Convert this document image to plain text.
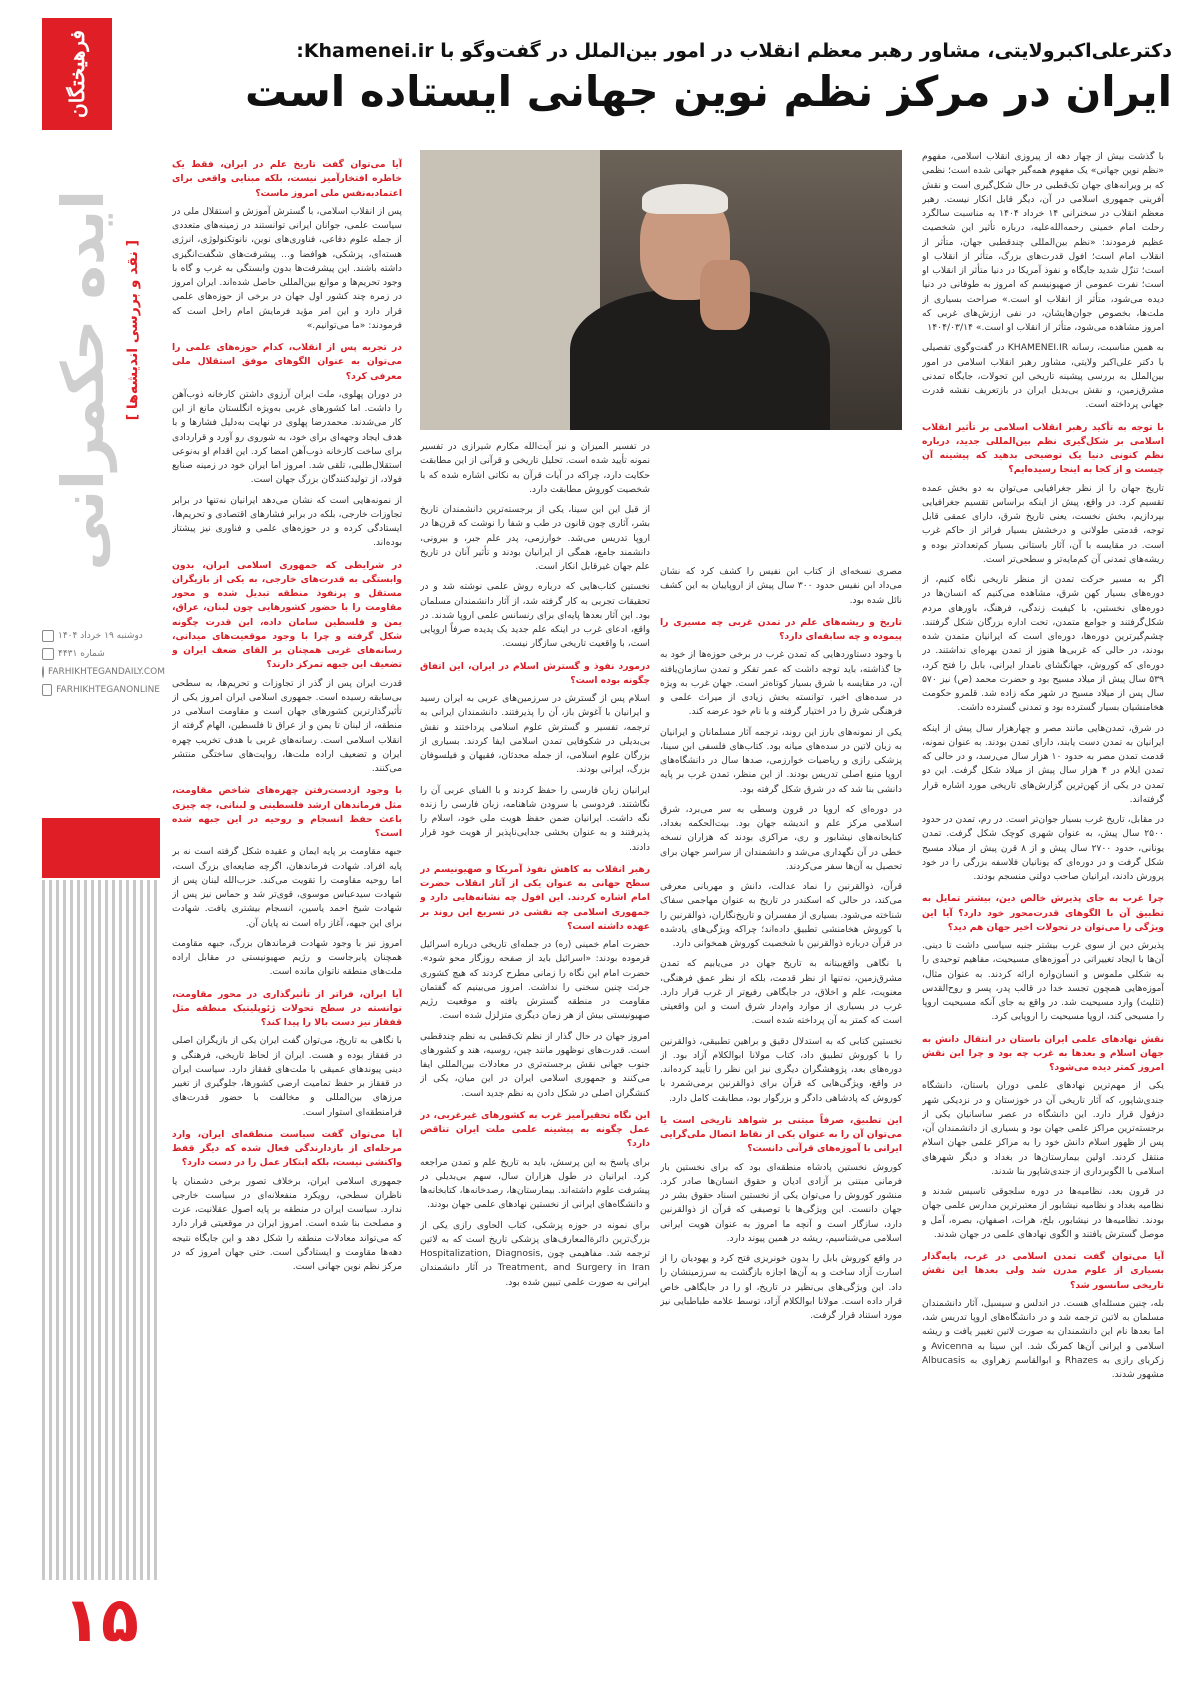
فرهیختگان
ایده حکمرانی [ نقد و بررسی اندیشه‌ها ]
دوشنبه ۱۹ خرداد ۱۴۰۴
شماره ۴۴۳۱
FARHIKHTEGANDAILY.COM
FARHIKHTEGANONLINE
۱۵
دکترعلی‌اکبرولایتی، مشاور رهبر معظم انقلاب در امور بین‌الملل در گفت‌وگو با Khamenei.ir:
ایران در مرکز نظم نوین جهانی ایستاده است

با گذشت بیش از چهار دهه از پیروزی انقلاب اسلامی، مفهوم «نظم نوین جهانی» یک مفهوم همه‌گیر جهانی شده است؛ نظمی که بر ویرانه‌های جهان تک‌قطبی در حال شکل‌گیری است و نقش آفرینی جمهوری اسلامی در آن، دیگر قابل انکار نیست. رهبر معظم انقلاب در سخنرانی ۱۴ خرداد ۱۴۰۴ به مناسبت سالگرد رحلت امام خمینی رحمه‌الله‌علیه، درباره تأثیر این شخصیت عظیم فرمودند: «نظم بین‌المللی چندقطبی جهان، متأثر از انقلاب امام است؛ افول قدرت‌های بزرگ، متأثر از انقلاب او است؛ تنزّل شدید جایگاه و نفوذ آمریکا در دنیا متأثر از انقلاب او است؛ نفرت عمومی از صهیونیسم که امروز به طوفانی در دنیا دیده می‌شود، متأثر از انقلاب او است.» صراحت بسیاری از ملت‌ها، بخصوص جوان‌هایشان، در نفی ارزش‌های غربی که امروز مشاهده می‌شود، متأثر از انقلاب او است.» ۱۴۰۴/۰۳/۱۴

به همین مناسبت، رسانه KHAMENEI.IR در گفت‌وگوی تفصیلی با دکتر علی‌اکبر ولایتی، مشاور رهبر انقلاب اسلامی در امور بین‌الملل به بررسی پیشینه تاریخی این تحولات، جایگاه تمدنی مشرق‌زمین، و نقش بی‌بدیل ایران در بازتعریف نقشه قدرت جهانی پرداخته است.

با توجه به تأکید رهبر انقلاب اسلامی بر تأثیر انقلاب اسلامی بر شکل‌گیری نظم بین‌المللی جدید، درباره نظم کنونی دنیا یک توضیحی بدهید که پیشینه آن چیست و از کجا به اینجا رسیده‌ایم؟

تاریخ جهان را از نظر جغرافیایی می‌توان به دو بخش عمده تقسیم کرد. در واقع، پیش از اینکه براساس تقسیم جغرافیایی بپردازیم، بخش نخست، یعنی تاریخ شرق، دارای عمقی قابل توجه، قدمتی طولانی و درخشش بسیار فراتر از حاکم غرب است. در مقایسه با آن، آثار باستانی بسیار کم‌تعدادتر بوده و ریشه‌های تمدنی آن کم‌مایه‌تر و سطحی‌تر است.

اگر به مسیر حرکت تمدن از منظر تاریخی نگاه کنیم، از دوره‌های بسیار کهن شرق، مشاهده می‌کنیم که انسان‌ها در دوره‌های نخستین، با کیفیت زندگی، فرهنگ، باورهای مردم شکل‌گرفتند و جوامع متمدن، تحت اداره بزرگان شکل گرفتند. چشم‌گیرترین دوره‌ها، دوره‌ای است که ایرانیان متمدن شده بودند، در حالی که غربی‌ها هنوز از تمدن بهره‌ای نداشتند. در دوره‌ای که کوروش، جهانگشای نامدار ایرانی، بابل را فتح کرد، ۵۳۹ سال پیش از میلاد مسیح بود و حضرت محمد (ص) نیز ۵۷۰ سال پس از میلاد مسیح در شهر مکه زاده شد. قلمرو حکومت هخامنشیان بسیار گسترده بود و تمدنی گسترده داشت.

در شرق، تمدن‌هایی مانند مصر و چهارهزار سال پیش از اینکه ایرانیان به تمدن دست یابند، دارای تمدن بودند. به عنوان نمونه، قدمت تمدن مصر به حدود ۱۰ هزار سال می‌رسد، و در حالی که تمدن ایلام در ۴ هزار سال پیش از میلاد شکل گرفت. این دو تمدن در یکی از کهن‌ترین گزارش‌های تاریخی مورد اشاره قرار گرفته‌اند.

در مقابل، تاریخ غرب بسیار جوان‌تر است. در رم، تمدن در حدود ۲۵۰۰ سال پیش، به عنوان شهری کوچک شکل گرفت. تمدن یونانی، حدود ۲۷۰۰ سال پیش و از ۸ قرن پیش از میلاد مسیح شکل گرفت و در دوره‌ای که یونانیان فلاسفه بزرگی را در خود پرورش دادند، ایرانیان صاحب دولتی منسجم بودند.

چرا غرب به جای پذیرش خالص دین، بیشتر تمایل به تطبیق آن با الگوهای قدرت‌محور خود دارد؟ آیا این ویژگی را می‌توان در تحولات اخیر جهان هم دید؟

پذیرش دین از سوی غرب بیشتر جنبه سیاسی داشت تا دینی. آن‌ها با ایجاد تغییراتی در آموزه‌های مسیحیت، مفاهیم توحیدی را به شکلی ملموس و انسان‌واره ارائه کردند. به عنوان مثال، آموزه‌هایی همچون تجسد خدا در قالب پدر، پسر و روح‌القدس (تثلیث) وارد مسیحیت شد. در واقع به جای آنکه مسیحیت اروپا را مسیحی کند، اروپا مسیحیت را اروپایی کرد.

نقش نهادهای علمی ایران باستان در انتقال دانش به جهان اسلام و بعدها به غرب چه بود و چرا این نقش امروز کمتر دیده می‌شود؟

یکی از مهم‌ترین نهادهای علمی دوران باستان، دانشگاه جندی‌شاپور، که آثار تاریخی آن در خوزستان و در نزدیکی شهر دزفول قرار دارد. این دانشگاه در عصر ساسانیان یکی از برجسته‌ترین مراکز علمی جهان بود و بسیاری از دانشمندان آن، پس از ظهور اسلام دانش خود را به مراکز علمی جهان اسلام منتقل کردند. اولین بیمارستان‌ها در بغداد و دیگر شهرهای اسلامی با الگوبرداری از جندی‌شاپور بنا شدند.

در قرون بعد، نظامیه‌ها در دوره سلجوقی تاسیس شدند و نظامیه بغداد و نظامیه نیشابور از معتبرترین مدارس علمی جهان بودند. نظامیه‌ها در نیشابور، بلخ، هرات، اصفهان، بصره، آمل و موصل گسترش یافتند و الگوی نهادهای علمی در جهان شدند.

آیا می‌توان گفت تمدن اسلامی در غرب، پایه‌گذار بسیاری از علوم مدرن شد ولی بعدها این نقش تاریخی سانسور شد؟

بله، چنین مسئله‌ای هست. در اندلس و سیسیل، آثار دانشمندان مسلمان به لاتین ترجمه شد و در دانشگاه‌های اروپا تدریس شد، اما بعدها نام این دانشمندان به صورت لاتین تغییر یافت و ریشه اسلامی و ایرانی آن‌ها کمرنگ شد. ابن سینا به Avicenna و زکریای رازی به Rhazes و ابوالقاسم زهراوی به Albucasis مشهور شدند.

مصری نسخه‌ای از کتاب ابن نفیس را کشف کرد که نشان می‌داد ابن نفیس حدود ۳۰۰ سال پیش از اروپاییان به این کشف نائل شده بود.

تاریخ و ریشه‌های علم در تمدن غربی چه مسیری را پیموده و چه سابقه‌ای دارد؟

با وجود دستاوردهایی که تمدن غرب در برخی حوزه‌ها از خود به جا گذاشته، باید توجه داشت که عمر تفکر و تمدن سازمان‌یافته آن، در مقایسه با شرق بسیار کوتاه‌تر است. جهان غرب به ویژه در سده‌های اخیر، توانسته بخش زیادی از میراث علمی و فرهنگی شرق را در اختیار گرفته و با نام خود عرضه کند.

یکی از نمونه‌های بارز این روند، ترجمه آثار مسلمانان و ایرانیان به زبان لاتین در سده‌های میانه بود. کتاب‌های فلسفی ابن سینا، پزشکی رازی و ریاضیات خوارزمی، صدها سال در دانشگاه‌های اروپا منبع اصلی تدریس بودند. از این منظر، تمدن غرب بر پایه دانشی بنا شد که در شرق شکل گرفته بود.

در دوره‌ای که اروپا در قرون وسطی به سر می‌برد، شرق اسلامی مرکز علم و اندیشه جهان بود. بیت‌الحکمه بغداد، کتابخانه‌های نیشابور و ری، مراکزی بودند که هزاران نسخه خطی در آن نگهداری می‌شد و دانشمندان از سراسر جهان برای تحصیل به آن‌ها سفر می‌کردند.

قرآن، ذوالقرنین را نماد عدالت، دانش و مهربانی معرفی می‌کند، در حالی که اسکندر در تاریخ به عنوان مهاجمی سفاک شناخته می‌شود. بسیاری از مفسران و تاریخ‌نگاران، ذوالقرنین را با کوروش هخامنشی تطبیق داده‌اند؛ چراکه ویژگی‌های یادشده در قرآن درباره ذوالقرنین با شخصیت کوروش همخوانی دارد.

با نگاهی واقع‌بینانه به تاریخ جهان در می‌یابیم که تمدن مشرق‌زمین، نه‌تنها از نظر قدمت، بلکه از نظر عمق فرهنگی، معنویت، علم و اخلاق، در جایگاهی رفیع‌تر از غرب قرار دارد. غرب در بسیاری از موارد وام‌دار شرق است و این واقعیتی است که کمتر به آن پرداخته شده است.

نخستین کتابی که به استدلال دقیق و براهین تطبیقی، ذوالقرنین را با کوروش تطبیق داد، کتاب مولانا ابوالکلام آزاد بود. از دوره‌های بعد، پژوهشگران دیگری نیز این نظر را تأیید کرده‌اند. در واقع، ویژگی‌هایی که قرآن برای ذوالقرنین برمی‌شمرد با کوروش که پادشاهی دادگر و بزرگوار بود، مطابقت کامل دارد.

این تطبیق، صرفاً مبتنی بر شواهد تاریخی است یا می‌توان آن را به عنوان یکی از نقاط اتصال ملی‌گرایی ایرانی با آموزه‌های قرآنی دانست؟

کوروش نخستین پادشاه منطقه‌ای بود که برای نخستین بار فرمانی مبتنی بر آزادی ادیان و حقوق انسان‌ها صادر کرد. منشور کوروش را می‌توان یکی از نخستین اسناد حقوق بشر در جهان دانست. این ویژگی‌ها با توصیفی که قرآن از ذوالقرنین دارد، سازگار است و آنچه ما امروز به عنوان هویت ایرانی اسلامی می‌شناسیم، ریشه در همین پیوند دارد.

در واقع کوروش بابل را بدون خونریزی فتح کرد و یهودیان را از اسارت آزاد ساخت و به آن‌ها اجازه بازگشت به سرزمینشان را داد. این ویژگی‌های بی‌نظیر در تاریخ، او را در جایگاهی خاص قرار داده است. مولانا ابوالکلام آزاد، توسط علامه طباطبایی نیز مورد استناد قرار گرفت.

در تفسیر المیزان و نیز آیت‌الله مکارم شیرازی در تفسیر نمونه تأیید شده است. تحلیل تاریخی و قرآنی از این مطابقت حکایت دارد، چراکه در آیات قرآن به نکاتی اشاره شده که با شخصیت کوروش مطابقت دارد.

از قبل این ابن سینا، یکی از برجسته‌ترین دانشمندان تاریخ بشر، آثاری چون قانون در طب و شفا را نوشت که قرن‌ها در اروپا تدریس می‌شد. خوارزمی، پدر علم جبر، و بیرونی، دانشمند جامع، همگی از ایرانیان بودند و تأثیر آنان در تاریخ علم جهان غیرقابل انکار است.

نخستین کتاب‌هایی که درباره روش علمی نوشته شد و در تحقیقات تجربی به کار گرفته شد، از آثار دانشمندان مسلمان بود. این آثار بعدها پایه‌ای برای رنسانس علمی اروپا شدند. در واقع، ادعای غرب در اینکه علم جدید یک پدیده صرفاً اروپایی است، با واقعیت تاریخی سازگار نیست.

درمورد نفوذ و گسترش اسلام در ایران، این اتفاق چگونه بوده است؟

اسلام پس از گسترش در سرزمین‌های عربی به ایران رسید و ایرانیان با آغوش باز، آن را پذیرفتند. دانشمندان ایرانی به ترجمه، تفسیر و گسترش علوم اسلامی پرداختند و نقش بی‌بدیلی در شکوفایی تمدن اسلامی ایفا کردند. بسیاری از بزرگان علوم اسلامی، از جمله محدثان، فقیهان و فیلسوفان بزرگ، ایرانی بودند.

ایرانیان زبان فارسی را حفظ کردند و با الفبای عربی آن را نگاشتند. فردوسی با سرودن شاهنامه، زبان فارسی را زنده نگه داشت. ایرانیان ضمن حفظ هویت ملی خود، اسلام را پذیرفتند و به عنوان بخشی جدایی‌ناپذیر از هویت خود قرار دادند.

رهبر انقلاب به کاهش نفوذ آمریکا و صهیونیسم در سطح جهانی به عنوان یکی از آثار انقلاب حضرت امام اشاره کردند. این افول چه نشانه‌هایی دارد و جمهوری اسلامی چه نقشی در تسریع این روند بر عهده داشته است؟

حضرت امام خمینی (ره) در جمله‌ای تاریخی درباره اسرائیل فرموده بودند: «اسرائیل باید از صفحه روزگار محو شود». حضرت امام این نگاه را زمانی مطرح کردند که هیچ کشوری جرئت چنین سخنی را نداشت. امروز می‌بینیم که گفتمان مقاومت در منطقه گسترش یافته و موقعیت رژیم صهیونیستی بیش از هر زمان دیگری متزلزل شده است.

امروز جهان در حال گذار از نظم تک‌قطبی به نظم چندقطبی است. قدرت‌های نوظهور مانند چین، روسیه، هند و کشورهای جنوب جهانی نقش برجسته‌تری در معادلات بین‌المللی ایفا می‌کنند و جمهوری اسلامی ایران در این میان، یکی از کنشگران اصلی در شکل دادن به نظم جدید است.

این نگاه تحقیرآمیز غرب به کشورهای غیرغربی، در عمل چگونه به پیشینه علمی ملت ایران تناقض دارد؟

برای پاسخ به این پرسش، باید به تاریخ علم و تمدن مراجعه کرد. ایرانیان در طول هزاران سال، سهم بی‌بدیلی در پیشرفت علوم داشته‌اند. بیمارستان‌ها، رصدخانه‌ها، کتابخانه‌ها و دانشگاه‌های ایرانی از نخستین نهادهای علمی جهان بودند.

برای نمونه در حوزه پزشکی، کتاب الحاوی رازی یکی از بزرگ‌ترین دائرةالمعارف‌های پزشکی تاریخ است که به لاتین ترجمه شد. مفاهیمی چون Hospitalization, Diagnosis, Treatment, and Surgery in Iran در آثار دانشمندان ایرانی به صورت علمی تبیین شده بود.

آیا می‌توان گفت تاریخ علم در ایران، فقط یک خاطره افتخارآمیز نیست، بلکه مبنایی واقعی برای اعتمادبه‌نفس ملی امروز ماست؟

پس از انقلاب اسلامی، با گسترش آموزش و استقلال ملی در سیاست علمی، جوانان ایرانی توانستند در زمینه‌های متعددی از جمله علوم دفاعی، فناوری‌های نوین، نانوتکنولوژی، انرژی هسته‌ای، پزشکی، هوافضا و... پیشرفت‌های شگفت‌انگیزی داشته باشند. این پیشرفت‌ها بدون وابستگی به غرب و گاه با وجود تحریم‌ها و موانع بین‌المللی حاصل شده‌اند. ایران امروز در زمره چند کشور اول جهان در برخی از حوزه‌های علمی قرار دارد و این امر مؤید فرمایش امام راحل است که فرمودند: «ما می‌توانیم.»

در تجربه پس از انقلاب، کدام حوزه‌های علمی را می‌توان به عنوان الگوهای موفق استقلال ملی معرفی کرد؟

در دوران پهلوی، ملت ایران آرزوی داشتن کارخانه ذوب‌آهن را داشت. اما کشورهای غربی به‌ویژه انگلستان مانع از این کار می‌شدند. محمدرضا پهلوی در نهایت به‌دلیل فشارها و با هدف ایجاد وجهه‌ای برای خود، به شوروی رو آورد و قراردادی برای ساخت کارخانه ذوب‌آهن امضا کرد. این اقدام او به‌نوعی استقلال‌طلبی، تلقی شد. امروز اما ایران خود در زمینه صنایع فولاد، از تولیدکنندگان بزرگ جهان است.

از نمونه‌هایی است که نشان می‌دهد ایرانیان نه‌تنها در برابر تجاوزات خارجی، بلکه در برابر فشارهای اقتصادی و تحریم‌ها، ایستادگی کرده و در حوزه‌های علمی و فناوری نیز پیشتاز بوده‌اند.

در شرایطی که جمهوری اسلامی ایران، بدون وابستگی به قدرت‌های خارجی، به یکی از بازیگران مستقل و پرنفوذ منطقه تبدیل شده و محور مقاومت را با حضور کشورهایی چون لبنان، عراق، یمن و فلسطین سامان داده، این قدرت چگونه شکل گرفته و چرا با وجود موقعیت‌های میدانی، رسانه‌های غربی همچنان بر القای ضعف ایران و تضعیف این جبهه تمرکز دارند؟

قدرت ایران پس از گذر از تجاوزات و تحریم‌ها، به سطحی بی‌سابقه رسیده است. جمهوری اسلامی ایران امروز یکی از تأثیرگذارترین کشورهای جهان است و مقاومت اسلامی در منطقه، از لبنان تا یمن و از عراق تا فلسطین، الهام گرفته از انقلاب اسلامی است. رسانه‌های غربی با هدف تخریب چهره ایران و تضعیف اراده ملت‌ها، روایت‌های ساختگی منتشر می‌کنند.

با وجود ازدست‌رفتن چهره‌های شاخص مقاومت، مثل فرماندهان ارشد فلسطینی و لبنانی، چه چیزی باعث حفظ انسجام و روحیه در این جبهه شده است؟

جبهه مقاومت بر پایه ایمان و عقیده شکل گرفته است نه بر پایه افراد. شهادت فرماندهان، اگرچه ضایعه‌ای بزرگ است، اما روحیه مقاومت را تقویت می‌کند. حزب‌الله لبنان پس از شهادت سیدعباس موسوی، قوی‌تر شد و حماس نیز پس از شهادت شیخ احمد یاسین، انسجام بیشتری یافت. شهادت برای این جبهه، آغاز راه است نه پایان آن.

امروز نیز با وجود شهادت فرماندهان بزرگ، جبهه مقاومت همچنان پابرجاست و رژیم صهیونیستی در مقابل اراده ملت‌های منطقه ناتوان مانده است.

آیا ایران، فراتر از تأثیرگذاری در محور مقاومت، توانسته در سطح تحولات ژئوپلیتیک منطقه مثل قفقاز نیز دست بالا را پیدا کند؟

با نگاهی به تاریخ، می‌توان گفت ایران یکی از بازیگران اصلی در قفقاز بوده و هست. ایران از لحاظ تاریخی، فرهنگی و دینی پیوندهای عمیقی با ملت‌های قفقاز دارد. سیاست ایران در قفقاز بر حفظ تمامیت ارضی کشورها، جلوگیری از تغییر مرزهای بین‌المللی و مخالفت با حضور قدرت‌های فرامنطقه‌ای استوار است.

آیا می‌توان گفت سیاست منطقه‌ای ایران، وارد مرحله‌ای از بازدارندگی فعال شده که دیگر قفط واکنشی نیست، بلکه ابتکار عمل را در دست دارد؟

جمهوری اسلامی ایران، برخلاف تصور برخی دشمنان یا ناظران سطحی، رویکرد منفعلانه‌ای در سیاست خارجی ندارد. سیاست ایران در منطقه بر پایه اصول عقلانیت، عزت و مصلحت بنا شده است. امروز ایران در موقعیتی قرار دارد که می‌تواند معادلات منطقه را شکل دهد و این جایگاه نتیجه دهه‌ها مقاومت و ایستادگی است. حتی جهان امروز که در مرکز نظم نوین جهانی است.
